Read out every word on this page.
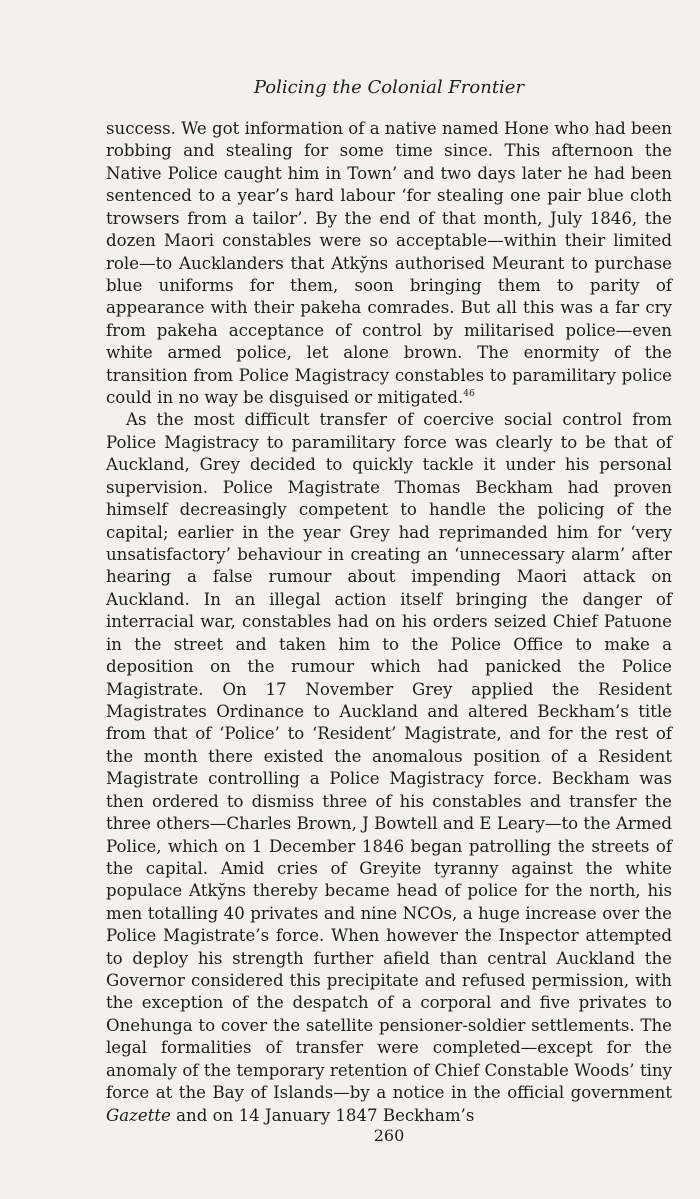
Policing the Colonial Frontier

success. We got information of a native named Hone who had been robbing and stealing for some time since. This afternoon the Native Police caught him in Town’ and two days later he had been sentenced to a year’s hard labour ‘for stealing one pair blue cloth trowsers from a tailor’. By the end of that month, July 1846, the dozen Maori constables were so acceptable—within their limited role—to Aucklanders that Atky̆ns authorised Meurant to purchase blue uniforms for them, soon bringing them to parity of appearance with their pakeha comrades. But all this was a far cry from pakeha acceptance of control by militarised police—even white armed police, let alone brown. The enormity of the transition from Police Magistracy constables to paramilitary police could in no way be disguised or mitigated.$^{46}$

As the most difficult transfer of coercive social control from Police Magistracy to paramilitary force was clearly to be that of Auckland, Grey decided to quickly tackle it under his personal supervision. Police Magistrate Thomas Beckham had proven himself decreasingly competent to handle the policing of the capital; earlier in the year Grey had reprimanded him for ‘very unsatisfactory’ behaviour in creating an ‘unnecessary alarm’ after hearing a false rumour about impending Maori attack on Auckland. In an illegal action itself bringing the danger of interracial war, constables had on his orders seized Chief Patuone in the street and taken him to the Police Office to make a deposition on the rumour which had panicked the Police Magistrate. On 17 November Grey applied the Resident Magistrates Ordinance to Auckland and altered Beckham’s title from that of ‘Police’ to ‘Resident’ Magistrate, and for the rest of the month there existed the anomalous position of a Resident Magistrate controlling a Police Magistracy force. Beckham was then ordered to dismiss three of his constables and transfer the three others—Charles Brown, J Bowtell and E Leary—to the Armed Police, which on 1 December 1846 began patrolling the streets of the capital. Amid cries of Greyite tyranny against the white populace Atky̆ns thereby became head of police for the north, his men totalling 40 privates and nine NCOs, a huge increase over the Police Magistrate’s force. When however the Inspector attempted to deploy his strength further afield than central Auckland the Governor considered this precipitate and refused permission, with the exception of the despatch of a corporal and five privates to Onehunga to cover the satellite pensioner-soldier settlements. The legal formalities of transfer were completed—except for the anomaly of the temporary retention of Chief Constable Woods’ tiny force at the Bay of Islands—by a notice in the official government Gazette and on 14 January 1847 Beckham’s

260
